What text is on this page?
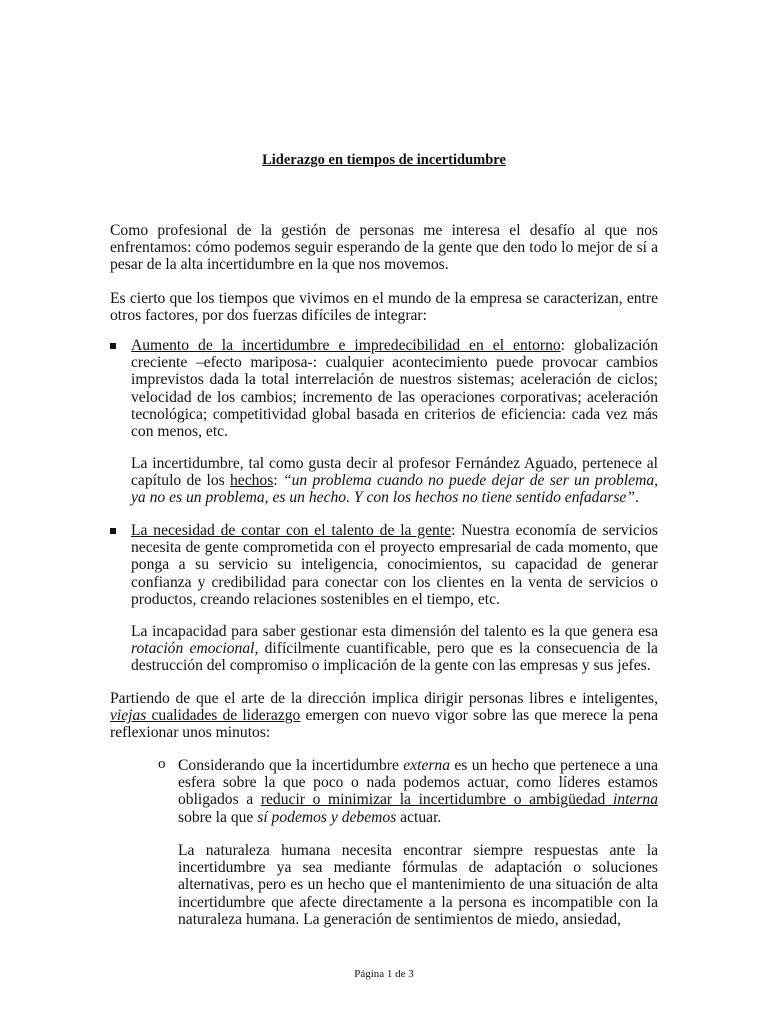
Liderazgo en tiempos de incertidumbre

Como profesional de la gestión de personas me interesa el desafío al que nos enfrentamos: cómo podemos seguir esperando de la gente que den todo lo mejor de sí a pesar de la alta incertidumbre en la que nos movemos.

Es cierto que los tiempos que vivimos en el mundo de la empresa se caracterizan, entre otros factores, por dos fuerzas difíciles de integrar:

Aumento de la incertidumbre e impredecibilidad en el entorno: globalización creciente –efecto mariposa-: cualquier acontecimiento puede provocar cambios imprevistos dada la total interrelación de nuestros sistemas; aceleración de ciclos; velocidad de los cambios; incremento de las operaciones corporativas; aceleración tecnológica; competitividad global basada en criterios de eficiencia: cada vez más con menos, etc.

La incertidumbre, tal como gusta decir al profesor Fernández Aguado, pertenece al capítulo de los hechos: “un problema cuando no puede dejar de ser un problema, ya no es un problema, es un hecho. Y con los hechos no tiene sentido enfadarse”.

La necesidad de contar con el talento de la gente: Nuestra economía de servicios necesita de gente comprometida con el proyecto empresarial de cada momento, que ponga a su servicio su inteligencia, conocimientos, su capacidad de generar confianza y credibilidad para conectar con los clientes en la venta de servicios o productos, creando relaciones sostenibles en el tiempo, etc.

La incapacidad para saber gestionar esta dimensión del talento es la que genera esa rotación emocional, difícilmente cuantificable, pero que es la consecuencia de la destrucción del compromiso o implicación de la gente con las empresas y sus jefes.

Partiendo de que el arte de la dirección implica dirigir personas libres e inteligentes, viejas cualidades de liderazgo emergen con nuevo vigor sobre las que merece la pena reflexionar unos minutos:

o Considerando que la incertidumbre externa es un hecho que pertenece a una esfera sobre la que poco o nada podemos actuar, como líderes estamos obligados a reducir o minimizar la incertidumbre o ambigüedad interna sobre la que sí podemos y debemos actuar.

La naturaleza humana necesita encontrar siempre respuestas ante la incertidumbre ya sea mediante fórmulas de adaptación o soluciones alternativas, pero es un hecho que el mantenimiento de una situación de alta incertidumbre que afecte directamente a la persona es incompatible con la naturaleza humana. La generación de sentimientos de miedo, ansiedad,

Página 1 de 3
